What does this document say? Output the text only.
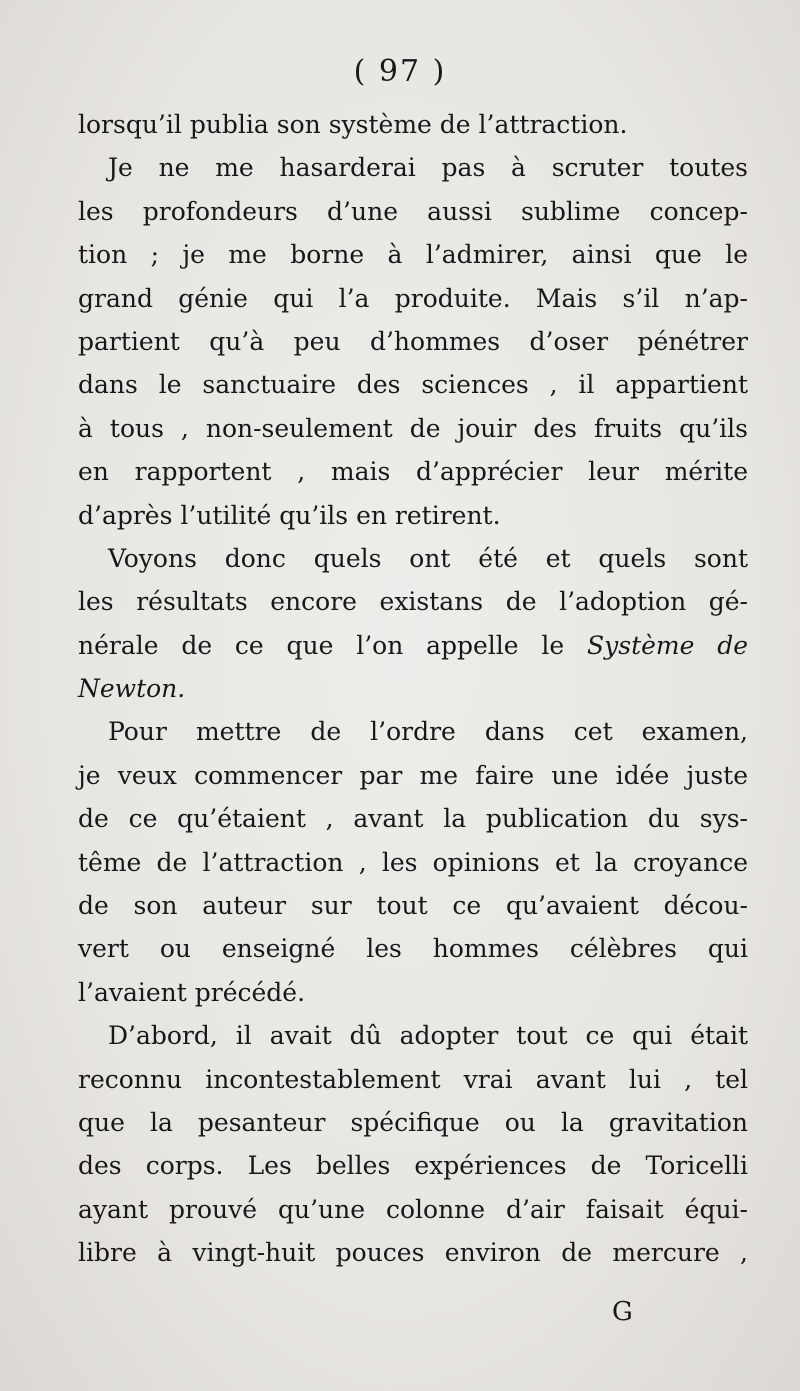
( 97 )
lorsqu’il publia son système de l’attraction.
Je ne me hasarderai pas à scruter toutes
les profondeurs d’une aussi sublime concep-
tion ; je me borne à l’admirer, ainsi que le
grand génie qui l’a produite. Mais s’il n’ap-
partient qu’à peu d’hommes d’oser pénétrer
dans le sanctuaire des sciences , il appartient
à tous , non-seulement de jouir des fruits qu’ils
en rapportent , mais d’apprécier leur mérite
d’après l’utilité qu’ils en retirent.
Voyons donc quels ont été et quels sont
les résultats encore existans de l’adoption gé-
nérale de ce que l’on appelle le Système de
Newton.
Pour mettre de l’ordre dans cet examen,
je veux commencer par me faire une idée juste
de ce qu’étaient , avant la publication du sys-
tême de l’attraction , les opinions et la croyance
de son auteur sur tout ce qu’avaient décou-
vert ou enseigné les hommes célèbres qui
l’avaient précédé.
D’abord, il avait dû adopter tout ce qui était
reconnu incontestablement vrai avant lui , tel
que la pesanteur spécifique ou la gravitation
des corps. Les belles expériences de Toricelli
ayant prouvé qu’une colonne d’air faisait équi-
libre à vingt-huit pouces environ de mercure ,
G
